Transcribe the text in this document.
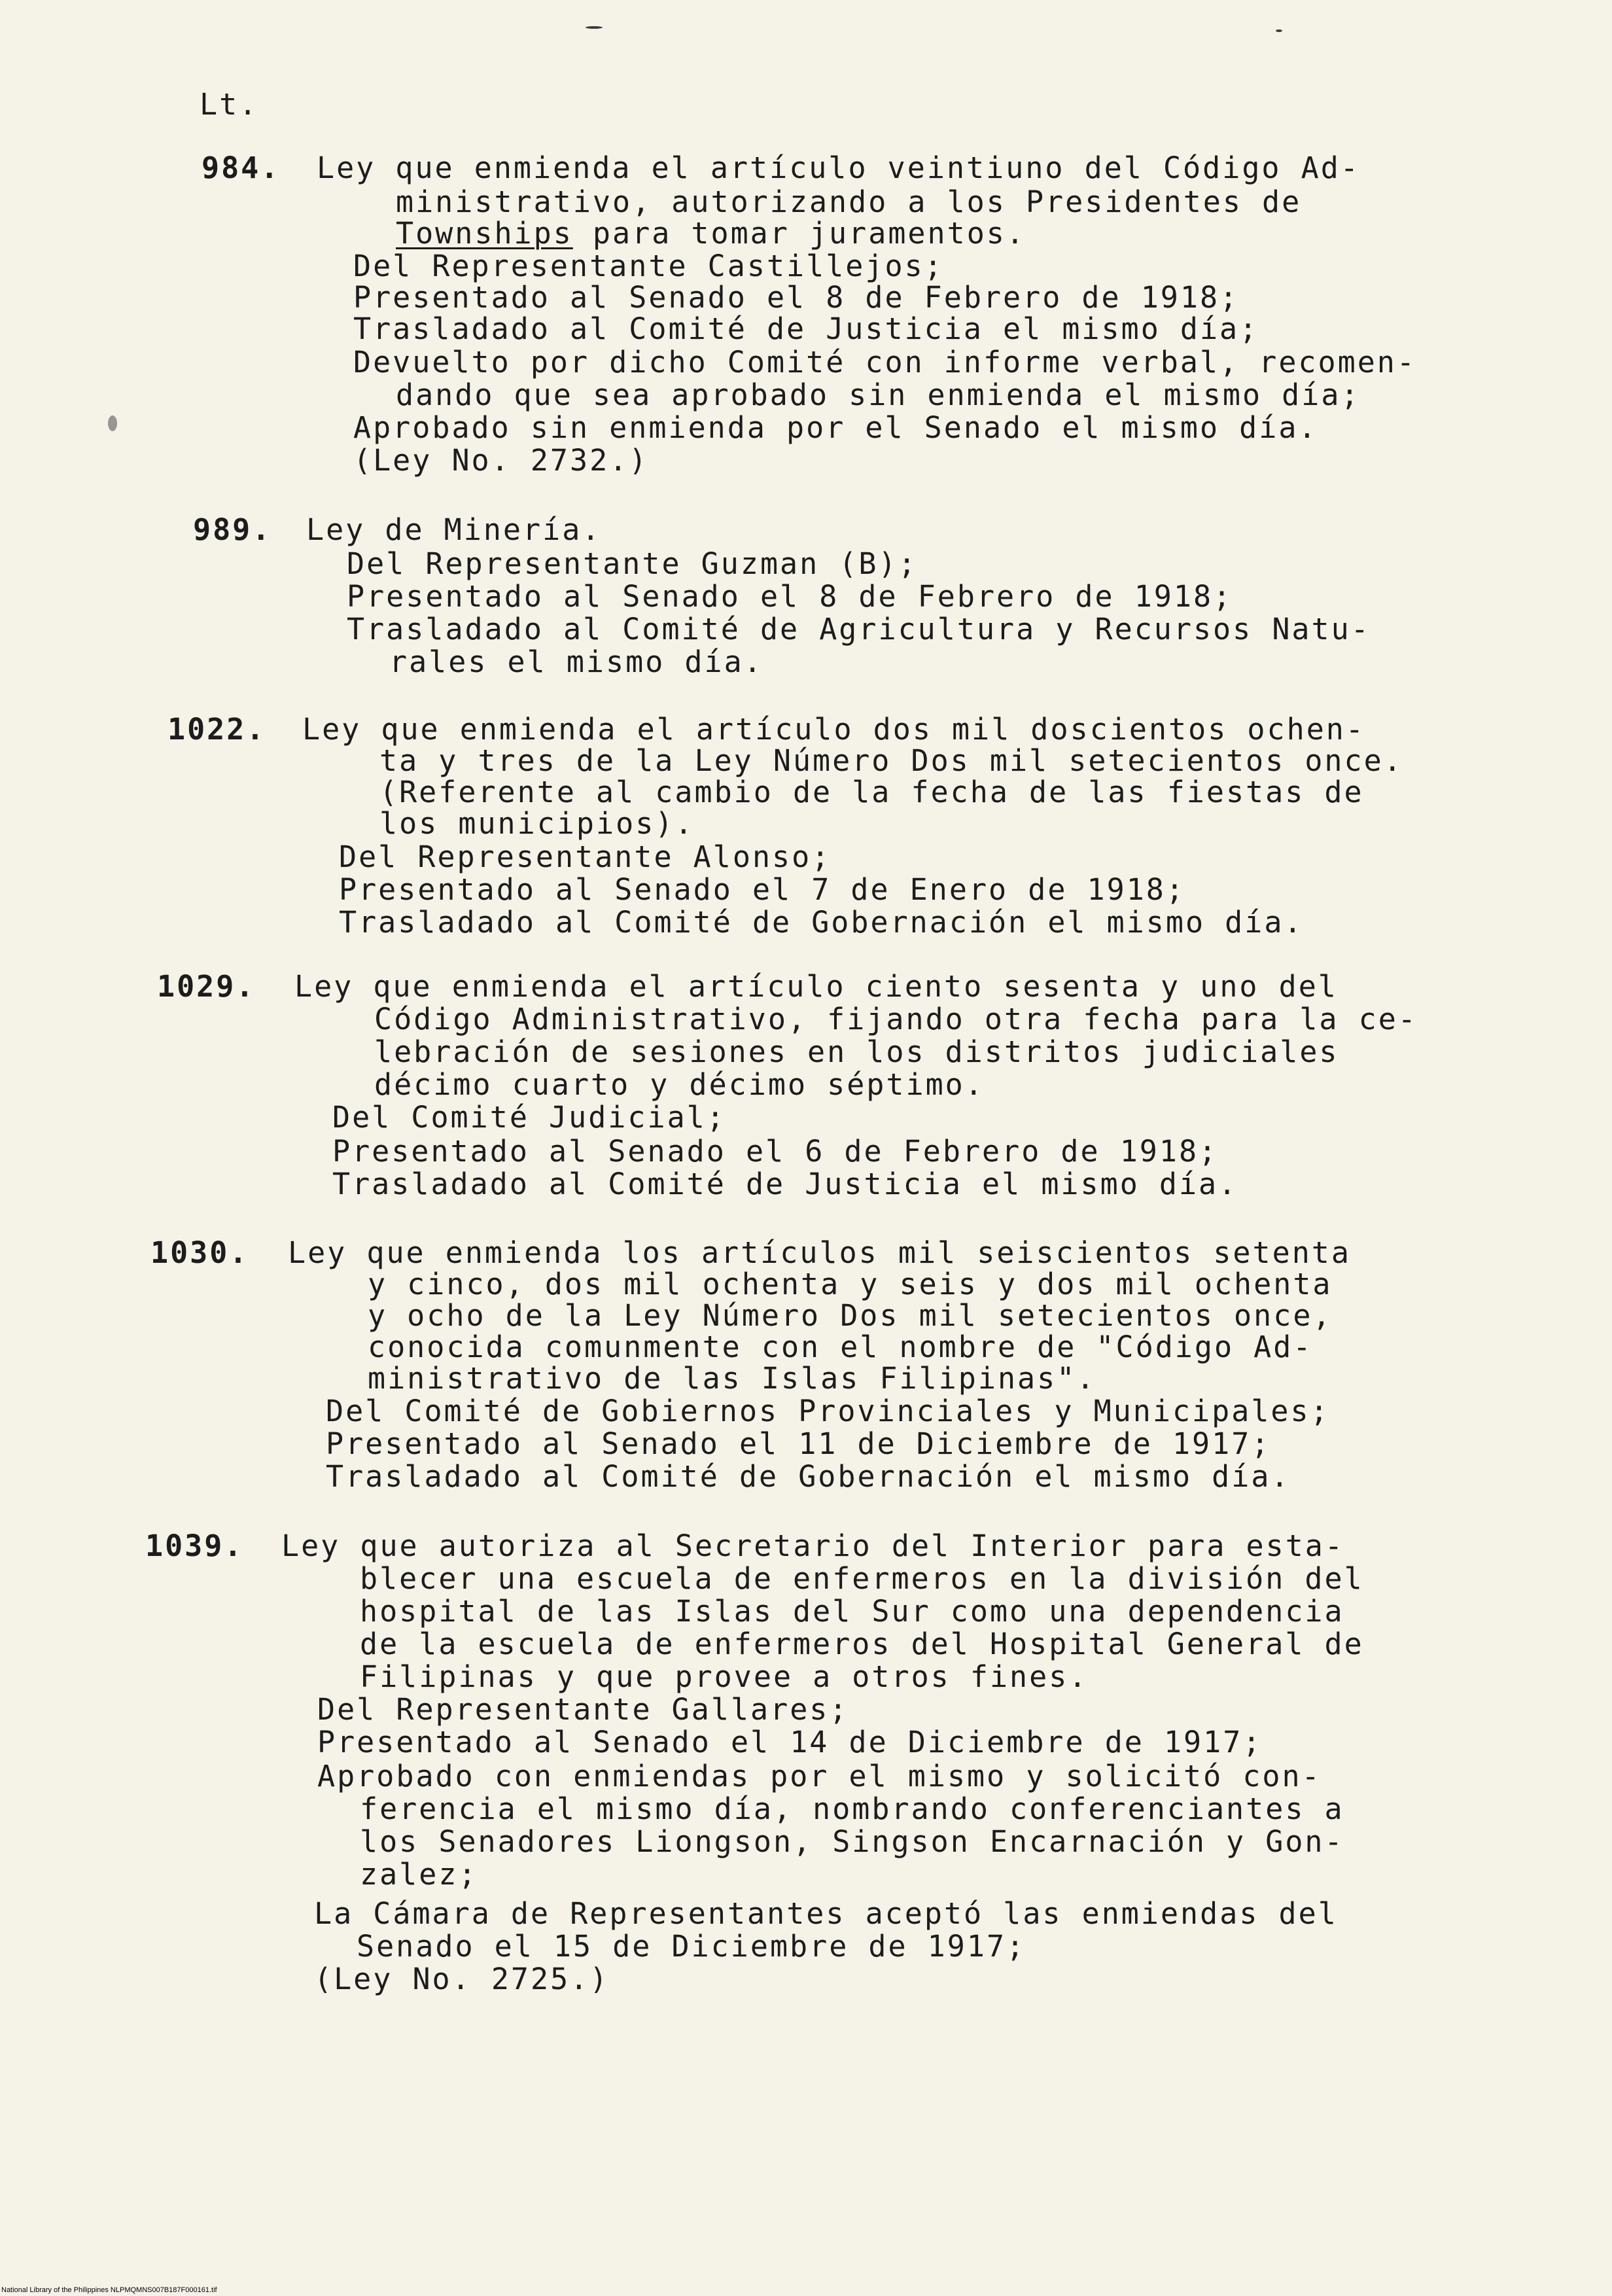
Lt.
984. Ley que enmienda el artículo veintiuno del Código Ad-
ministrativo, autorizando a los Presidentes de
Townships para tomar juramentos.
Del Representante Castillejos;
Presentado al Senado el 8 de Febrero de 1918;
Trasladado al Comité de Justicia el mismo día;
Devuelto por dicho Comité con informe verbal, recomen-
dando que sea aprobado sin enmienda el mismo día;
Aprobado sin enmienda por el Senado el mismo día.
(Ley No. 2732.)
989. Ley de Minería.
Del Representante Guzman (B);
Presentado al Senado el 8 de Febrero de 1918;
Trasladado al Comité de Agricultura y Recursos Natu-
rales el mismo día.
1022. Ley que enmienda el artículo dos mil doscientos ochen-
ta y tres de la Ley Número Dos mil setecientos once.
(Referente al cambio de la fecha de las fiestas de
los municipios).
Del Representante Alonso;
Presentado al Senado el 7 de Enero de 1918;
Trasladado al Comité de Gobernación el mismo día.
1029. Ley que enmienda el artículo ciento sesenta y uno del
Código Administrativo, fijando otra fecha para la ce-
lebración de sesiones en los distritos judiciales
décimo cuarto y décimo séptimo.
Del Comité Judicial;
Presentado al Senado el 6 de Febrero de 1918;
Trasladado al Comité de Justicia el mismo día.
1030. Ley que enmienda los artículos mil seiscientos setenta
y cinco, dos mil ochenta y seis y dos mil ochenta
y ocho de la Ley Número Dos mil setecientos once,
conocida comunmente con el nombre de "Código Ad-
ministrativo de las Islas Filipinas".
Del Comité de Gobiernos Provinciales y Municipales;
Presentado al Senado el 11 de Diciembre de 1917;
Trasladado al Comité de Gobernación el mismo día.
1039. Ley que autoriza al Secretario del Interior para esta-
blecer una escuela de enfermeros en la división del
hospital de las Islas del Sur como una dependencia
de la escuela de enfermeros del Hospital General de
Filipinas y que provee a otros fines.
Del Representante Gallares;
Presentado al Senado el 14 de Diciembre de 1917;
Aprobado con enmiendas por el mismo y solicitó con-
ferencia el mismo día, nombrando conferenciantes a
los Senadores Liongson, Singson Encarnación y Gon-
zalez;
La Cámara de Representantes aceptó las enmiendas del
Senado el 15 de Diciembre de 1917;
(Ley No. 2725.)
National Library of the Philippines NLPMQMNS007B187F000161.tif
